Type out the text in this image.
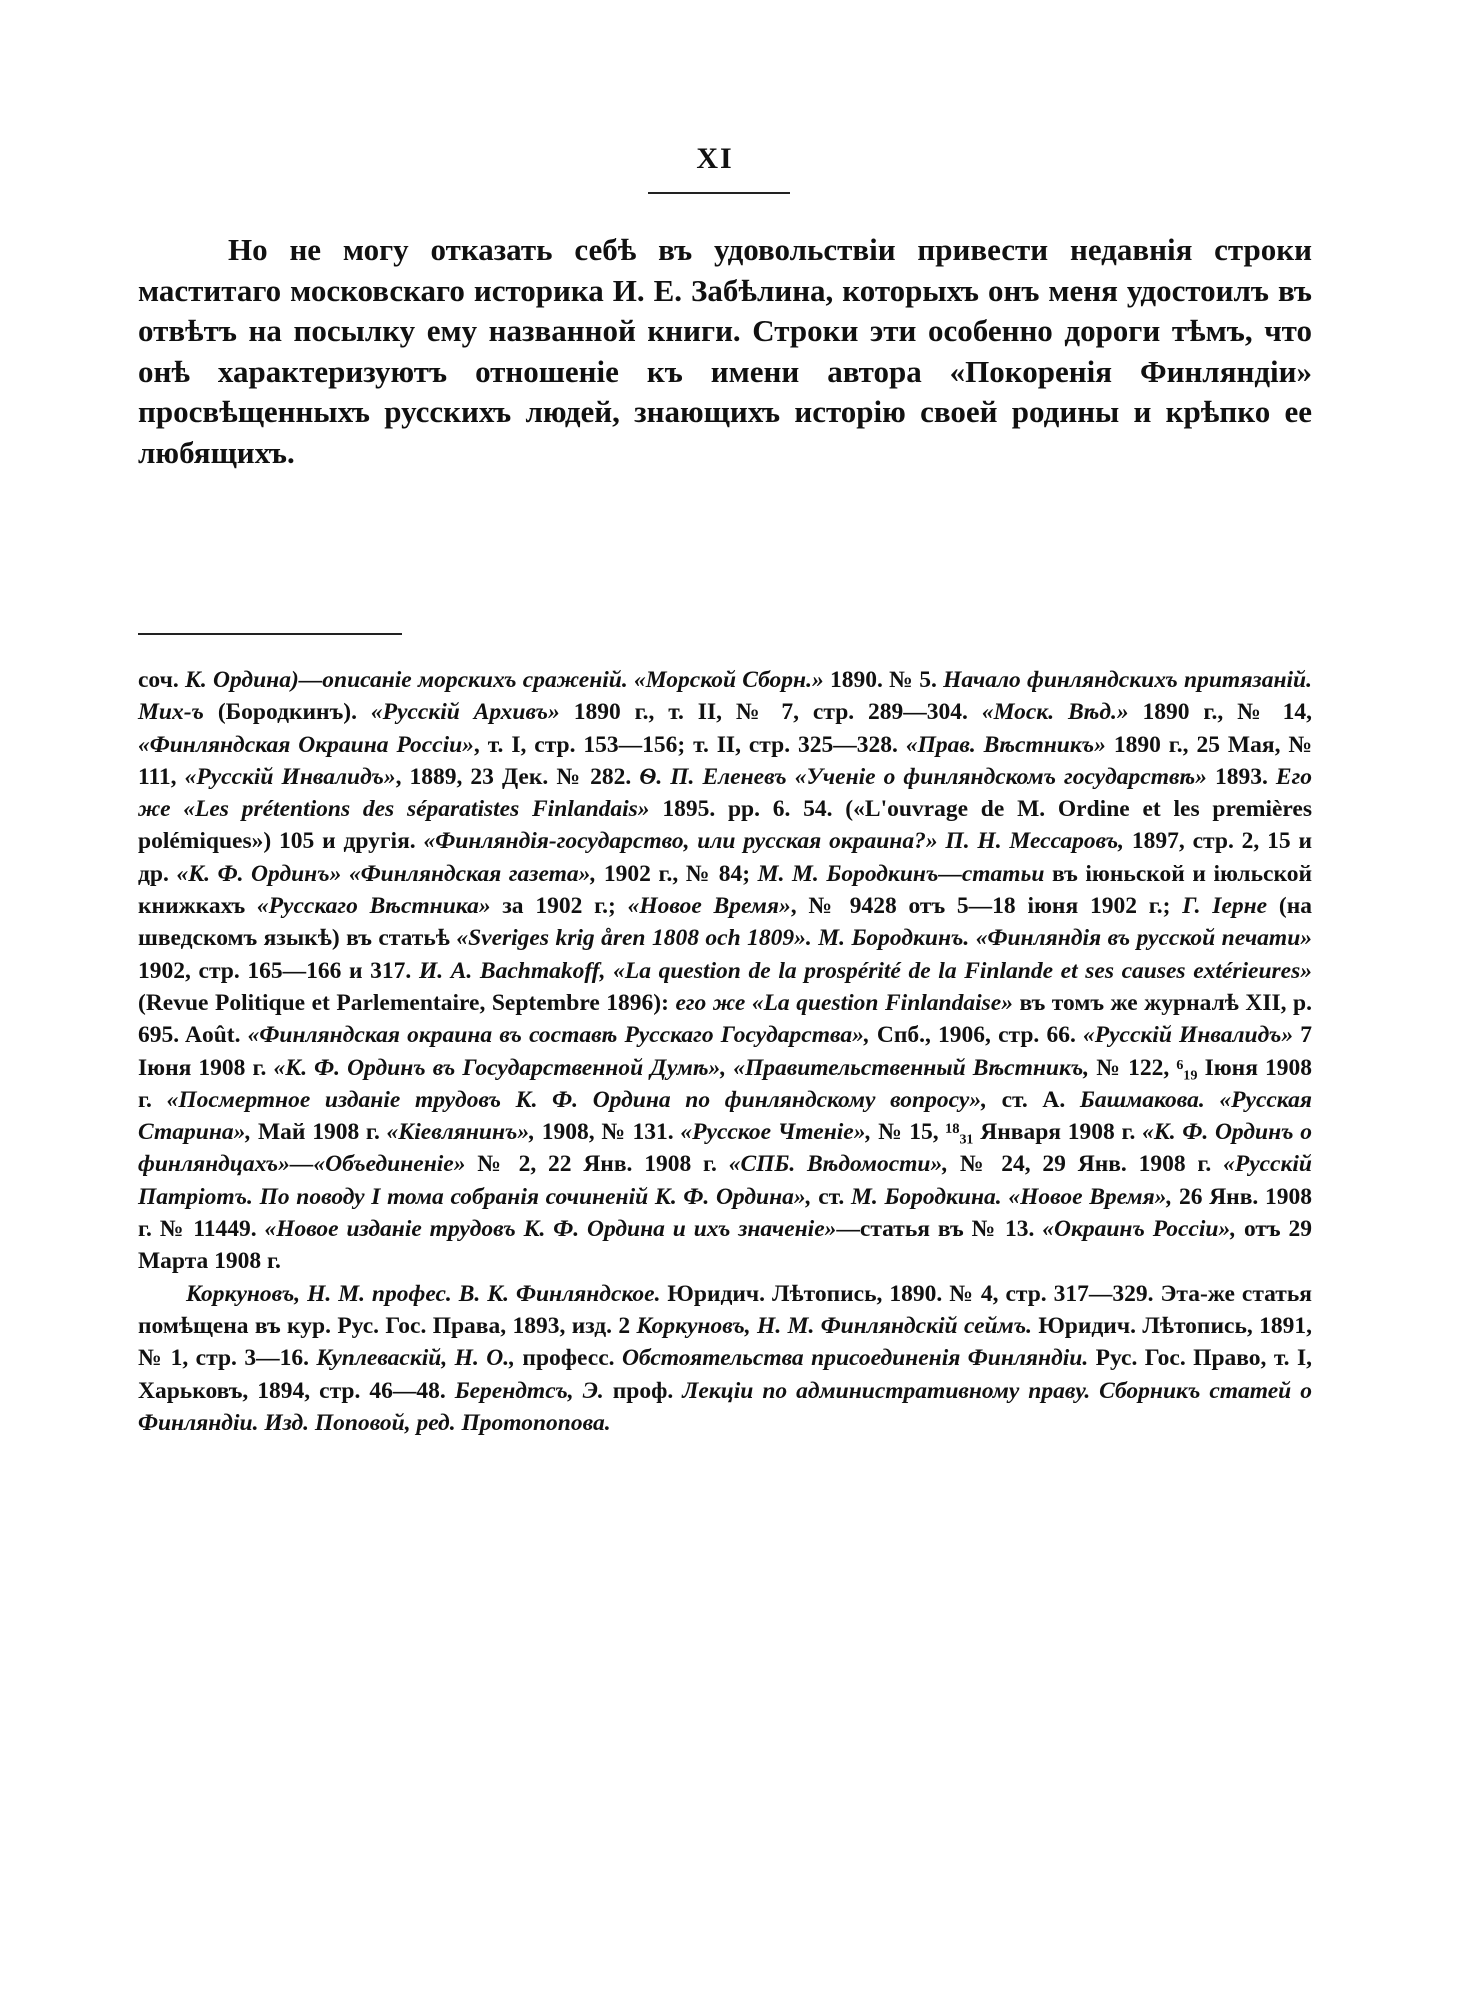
XI
Но не могу отказать себѣ въ удовольствіи привести недавнія строки маститаго московскаго историка И. Е. Забѣлина, которыхъ онъ меня удостоилъ въ отвѣтъ на посылку ему названной книги. Строки эти особенно дороги тѣмъ, что онѣ характеризуютъ отношеніе къ имени автора «Покоренія Финляндіи» просвѣщенныхъ русскихъ людей, знающихъ исторію своей родины и крѣпко ее любящихъ.

соч. К. Ордина)—описаніе морскихъ сраженій. «Морской Сборн.» 1890. № 5. Начало финляндскихъ притязаній. Мих-ъ (Бородкинъ). «Русскій Архивъ» 1890 г., т. II, № 7, стр. 289—304. «Моск. Вѣд.» 1890 г., № 14, «Финляндская Окраина Россіи», т. I, стр. 153—156; т. II, стр. 325—328. «Прав. Вѣстникъ» 1890 г., 25 Мая, № 111, «Русскій Инвалидъ», 1889, 23 Дек. № 282. Ѳ. П. Еленевъ «Ученіе о финляндскомъ государствѣ» 1893. Его же «Les prétentions des séparatistes Finlandais» 1895. pp. 6. 54. («L'ouvrage de M. Ordine et les premières polémiques») 105 и другія. «Финляндія-государство, или русская окраина?» П. Н. Мессаровъ, 1897, стр. 2, 15 и др. «К. Ф. Ординъ» «Финляндская газета», 1902 г., № 84; М. М. Бородкинъ—статьи въ іюньской и іюльской книжкахъ «Русскаго Вѣстника» за 1902 г.; «Новое Время», № 9428 отъ 5—18 іюня 1902 г.; Г. Іерне (на шведскомъ языкѣ) въ статьѣ «Sveriges krig åren 1808 och 1809». М. Бородкинъ. «Финляндія въ русской печати» 1902, стр. 165—166 и 317. И. А. Bachmakoff, «La question de la prospérité de la Finlande et ses causes extérieures» (Revue Politique et Parlementaire, Septembre 1896): его же «La question Finlandaise» въ томъ же журналѣ XII, p. 695. Août. «Финляндская окраина въ составѣ Русскаго Государства», Спб., 1906, стр. 66. «Русскій Инвалидъ» 7 Іюня 1908 г. «К. Ф. Ординъ въ Государственной Думѣ», «Правительственный Вѣстникъ, № 122, ⁶₁₉ Іюня 1908 г. «Посмертное изданіе трудовъ К. Ф. Ордина по финляндскому вопросу», ст. А. Башмакова. «Русская Старина», Май 1908 г. «Кіевлянинъ», 1908, № 131. «Русское Чтеніе», № 15, ¹⁸₃₁ Января 1908 г. «К. Ф. Ординъ о финляндцахъ»—«Объединеніе» № 2, 22 Янв. 1908 г. «СПБ. Вѣдомости», № 24, 29 Янв. 1908 г. «Русскій Патріотъ. По поводу I тома собранія сочиненій К. Ф. Ордина», ст. М. Бородкина. «Новое Время», 26 Янв. 1908 г. № 11449. «Новое изданіе трудовъ К. Ф. Ордина и ихъ значеніе»—статья въ № 13. «Окраинъ Россіи», отъ 29 Марта 1908 г.

Коркуновъ, Н. М. профес. В. К. Финляндское. Юридич. Лѣтопись, 1890. № 4, стр. 317—329. Эта-же статья помѣщена въ кур. Рус. Гос. Права, 1893, изд. 2 Коркуновъ, Н. М. Финляндскій сеймъ. Юридич. Лѣтопись, 1891, № 1, стр. 3—16. Куплеваскій, Н. О., професс. Обстоятельства присоединенія Финляндіи. Рус. Гос. Право, т. I, Харьковъ, 1894, стр. 46—48. Берендтсъ, Э. проф. Лекціи по административному праву. Сборникъ статей о Финляндіи. Изд. Поповой, ред. Протопопова.
